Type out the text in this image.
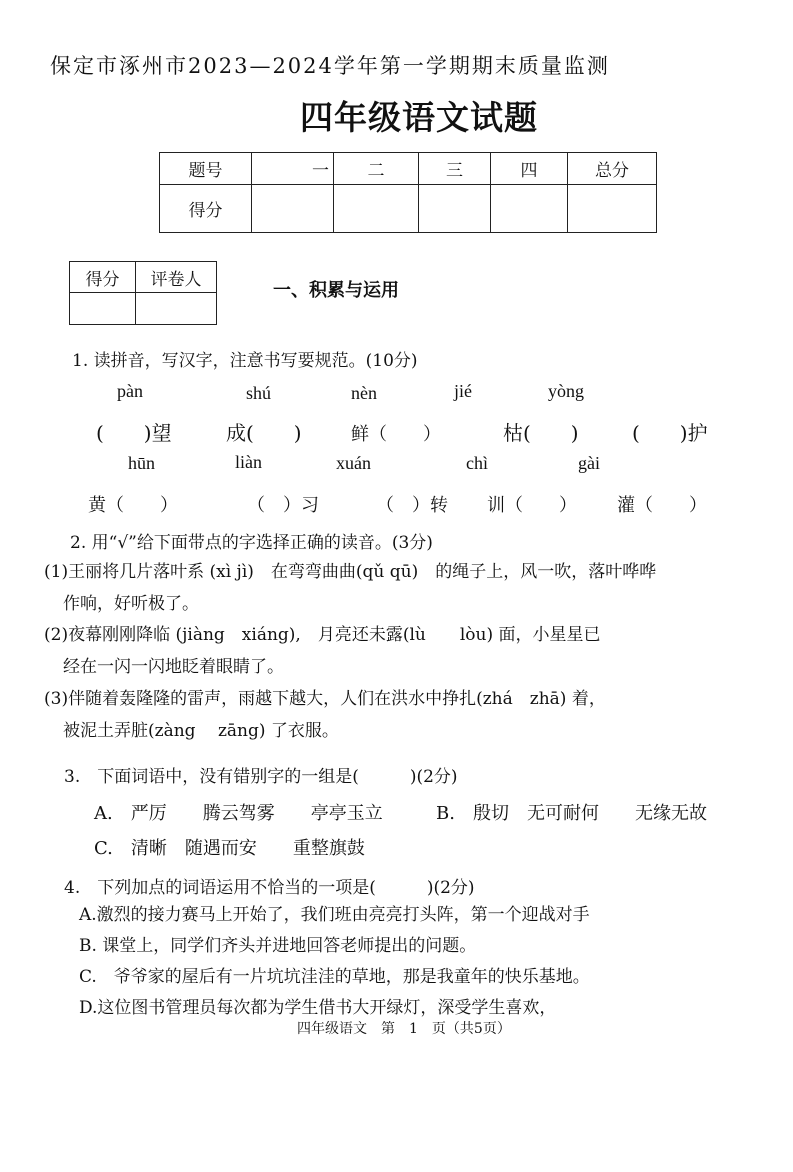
保定市涿州市2023—2024学年第一学期期末质量监测
四年级语文试题
题号	一	二	三	四	总分
得分					
得分	评卷人

一、积累与运用
1. 读拼音，写汉字，注意书写要规范。(10分)
pàn	shú	nèn	jié	yòng
(　　)望	成(　　)	鲜（　　）	枯(　　)	(　　)护
hūn	liàn	xuán	chì	gài
黄（　　）	（　）习	（　）转 训（　　） 灌（　　）
2. 用“√”给下面带点的字选择正确的读音。(3分)
(1)王丽将几片落叶系 (xì jì)　在弯弯曲曲(qǔ qū)　的绳子上，风一吹，落叶哗哗
作响，好听极了。
(2)夜幕刚刚降临 (jiàng　xiáng),　月亮还未露(lù　　lòu) 面，小星星已
经在一闪一闪地眨着眼睛了。
(3)伴随着轰隆隆的雷声，雨越下越大，人们在洪水中挣扎(zhá　zhā) 着，
被泥土弄脏(zàng　 zāng) 了衣服。
3.　下面词语中，没有错别字的一组是(　　　)(2分)
A.　严厉　　腾云驾雾　　亭亭玉立	B.　殷切　无可耐何　　无缘无故
C.　清晰　随遇而安　　重整旗鼓
4.　下列加点的词语运用不恰当的一项是(　　　)(2分)
A.激烈的接力赛马上开始了，我们班由亮亮打头阵，第一个迎战对手
B. 课堂上，同学们齐头并进地回答老师提出的问题。
C.　爷爷家的屋后有一片坑坑洼洼的草地，那是我童年的快乐基地。
D.这位图书管理员每次都为学生借书大开绿灯，深受学生喜欢，
四年级语文　第　1　页（共5页）
